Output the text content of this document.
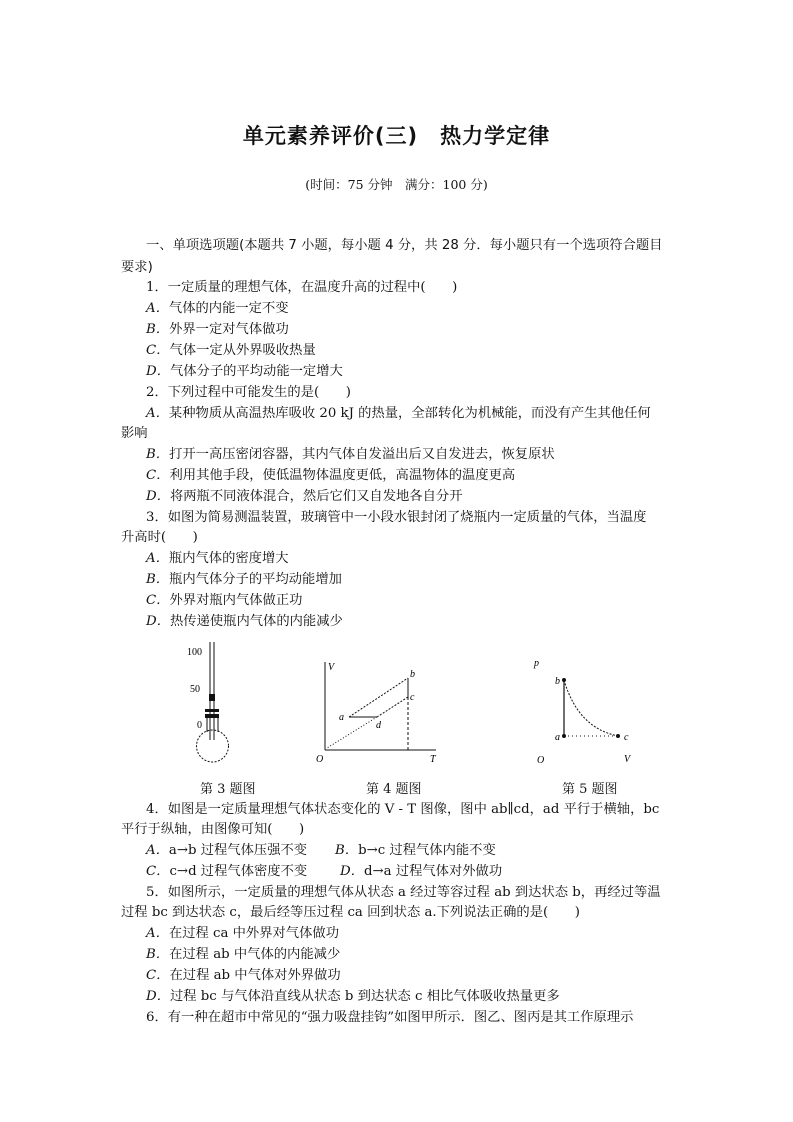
单元素养评价(三)　热力学定律
(时间：75 分钟　满分：100 分)
一、单项选项题(本题共 7 小题，每小题 4 分，共 28 分．每小题只有一个选项符合题目
要求)
1．一定质量的理想气体，在温度升高的过程中(　　)
A．气体的内能一定不变
B．外界一定对气体做功
C．气体一定从外界吸收热量
D．气体分子的平均动能一定增大
2．下列过程中可能发生的是(　　)
A．某种物质从高温热库吸收 20 kJ 的热量，全部转化为机械能，而没有产生其他任何
影响
B．打开一高压密闭容器，其内气体自发溢出后又自发进去，恢复原状
C．利用其他手段，使低温物体温度更低，高温物体的温度更高
D．将两瓶不同液体混合，然后它们又自发地各自分开
3．如图为简易测温装置，玻璃管中一小段水银封闭了烧瓶内一定质量的气体，当温度
升高时(　　)
A．瓶内气体的密度增大
B．瓶内气体分子的平均动能增加
C．外界对瓶内气体做正功
D．热传递使瓶内气体的内能减少
100
50
0
V
T
O
a
b
c
d
p
V
O
b
a	c
第 3 题图	第 4 题图	第 5 题图
4．如图是一定质量理想气体状态变化的 V - T 图像，图中 ab∥cd，ad 平行于横轴，bc
平行于纵轴，由图像可知(　　)
A．a→b 过程气体压强不变 B．b→c 过程气体内能不变
C．c→d 过程气体密度不变 D．d→a 过程气体对外做功
5．如图所示，一定质量的理想气体从状态 a 经过等容过程 ab 到达状态 b，再经过等温
过程 bc 到达状态 c，最后经等压过程 ca 回到状态 a.下列说法正确的是(　　)
A．在过程 ca 中外界对气体做功
B．在过程 ab 中气体的内能减少
C．在过程 ab 中气体对外界做功
D．过程 bc 与气体沿直线从状态 b 到达状态 c 相比气体吸收热量更多
6．有一种在超市中常见的“强力吸盘挂钩”如图甲所示．图乙、图丙是其工作原理示
